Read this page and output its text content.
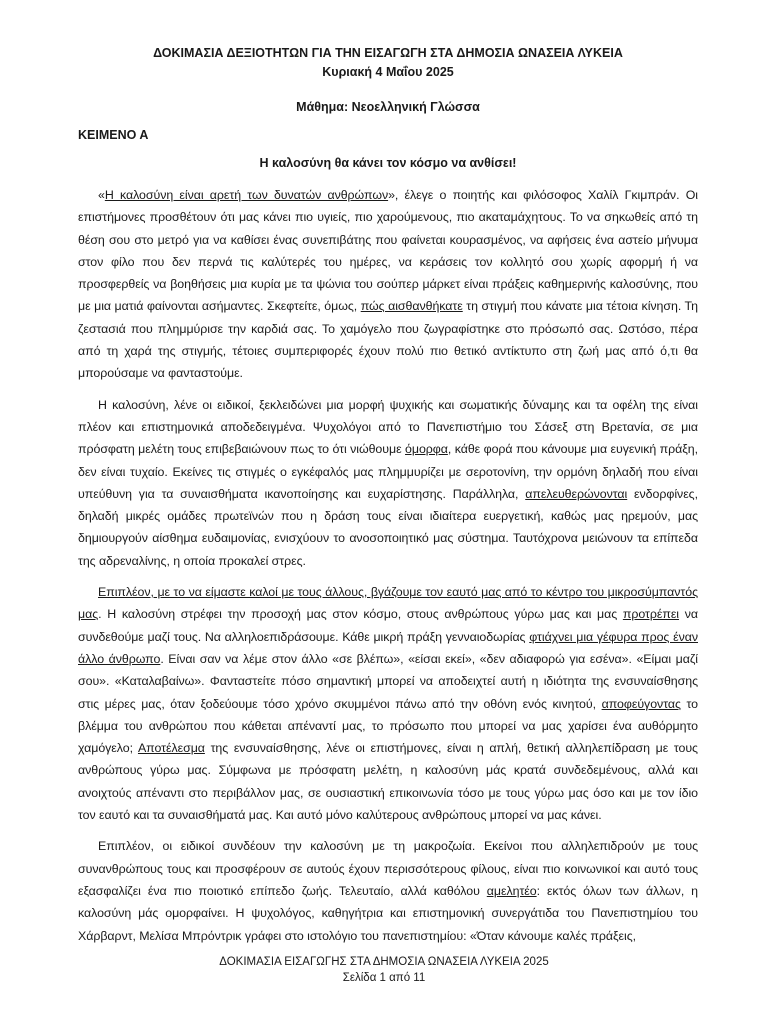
ΔΟΚΙΜΑΣΙΑ ΔΕΞΙΟΤΗΤΩΝ ΓΙΑ ΤΗΝ ΕΙΣΑΓΩΓΗ ΣΤΑ ΔΗΜΟΣΙΑ ΩΝΑΣΕΙΑ ΛΥΚΕΙΑ
Κυριακή 4 Μαΐου 2025
Μάθημα: Νεοελληνική Γλώσσα
ΚΕΙΜΕΝΟ Α
Η καλοσύνη θα κάνει τον κόσμο να ανθίσει!

«Η καλοσύνη είναι αρετή των δυνατών ανθρώπων», έλεγε ο ποιητής και φιλόσοφος Χαλίλ Γκιμπράν. Οι επιστήμονες προσθέτουν ότι μας κάνει πιο υγιείς, πιο χαρούμενους, πιο ακαταμάχητους. Το να σηκωθείς από τη θέση σου στο μετρό για να καθίσει ένας συνεπιβάτης που φαίνεται κουρασμένος, να αφήσεις ένα αστείο μήνυμα στον φίλο που δεν περνά τις καλύτερές του ημέρες, να κεράσεις τον κολλητό σου χωρίς αφορμή ή να προσφερθείς να βοηθήσεις μια κυρία με τα ψώνια του σούπερ μάρκετ είναι πράξεις καθημερινής καλοσύνης, που με μια ματιά φαίνονται ασήμαντες. Σκεφτείτε, όμως, πώς αισθανθήκατε τη στιγμή που κάνατε μια τέτοια κίνηση. Τη ζεστασιά που πλημμύρισε την καρδιά σας. Το χαμόγελο που ζωγραφίστηκε στο πρόσωπό σας. Ωστόσο, πέρα από τη χαρά της στιγμής, τέτοιες συμπεριφορές έχουν πολύ πιο θετικό αντίκτυπο στη ζωή μας από ό,τι θα μπορούσαμε να φανταστούμε.

Η καλοσύνη, λένε οι ειδικοί, ξεκλειδώνει μια μορφή ψυχικής και σωματικής δύναμης και τα οφέλη της είναι πλέον και επιστημονικά αποδεδειγμένα. Ψυχολόγοι από το Πανεπιστήμιο του Σάσεξ στη Βρετανία, σε μια πρόσφατη μελέτη τους επιβεβαιώνουν πως το ότι νιώθουμε όμορφα, κάθε φορά που κάνουμε μια ευγενική πράξη, δεν είναι τυχαίο. Εκείνες τις στιγμές ο εγκέφαλός μας πλημμυρίζει με σεροτονίνη, την ορμόνη δηλαδή που είναι υπεύθυνη για τα συναισθήματα ικανοποίησης και ευχαρίστησης. Παράλληλα, απελευθερώνονται ενδορφίνες, δηλαδή μικρές ομάδες πρωτεϊνών που η δράση τους είναι ιδιαίτερα ευεργετική, καθώς μας ηρεμούν, μας δημιουργούν αίσθημα ευδαιμονίας, ενισχύουν το ανοσοποιητικό μας σύστημα. Ταυτόχρονα μειώνουν τα επίπεδα της αδρεναλίνης, η οποία προκαλεί στρες.

Επιπλέον, με το να είμαστε καλοί με τους άλλους, βγάζουμε τον εαυτό μας από το κέντρο του μικροσύμπαντός μας. Η καλοσύνη στρέφει την προσοχή μας στον κόσμο, στους ανθρώπους γύρω μας και μας προτρέπει να συνδεθούμε μαζί τους. Να αλληλοεπιδράσουμε. Κάθε μικρή πράξη γενναιοδωρίας φτιάχνει μια γέφυρα προς έναν άλλο άνθρωπο. Είναι σαν να λέμε στον άλλο «σε βλέπω», «είσαι εκεί», «δεν αδιαφορώ για εσένα». «Είμαι μαζί σου». «Καταλαβαίνω». Φανταστείτε πόσο σημαντική μπορεί να αποδειχτεί αυτή η ιδιότητα της ενσυναίσθησης στις μέρες μας, όταν ξοδεύουμε τόσο χρόνο σκυμμένοι πάνω από την οθόνη ενός κινητού, αποφεύγοντας το βλέμμα του ανθρώπου που κάθεται απέναντί μας, το πρόσωπο που μπορεί να μας χαρίσει ένα αυθόρμητο χαμόγελο; Αποτέλεσμα της ενσυναίσθησης, λένε οι επιστήμονες, είναι η απλή, θετική αλληλεπίδραση με τους ανθρώπους γύρω μας. Σύμφωνα με πρόσφατη μελέτη, η καλοσύνη μάς κρατά συνδεδεμένους, αλλά και ανοιχτούς απέναντι στο περιβάλλον μας, σε ουσιαστική επικοινωνία τόσο με τους γύρω μας όσο και με τον ίδιο τον εαυτό και τα συναισθήματά μας. Και αυτό μόνο καλύτερους ανθρώπους μπορεί να μας κάνει.

Επιπλέον, οι ειδικοί συνδέουν την καλοσύνη με τη μακροζωία. Εκείνοι που αλληλεπιδρούν με τους συνανθρώπους τους και προσφέρουν σε αυτούς έχουν περισσότερους φίλους, είναι πιο κοινωνικοί και αυτό τους εξασφαλίζει ένα πιο ποιοτικό επίπεδο ζωής. Τελευταίο, αλλά καθόλου αμελητέο: εκτός όλων των άλλων, η καλοσύνη μάς ομορφαίνει. Η ψυχολόγος, καθηγήτρια και επιστημονική συνεργάτιδα του Πανεπιστημίου του Χάρβαρντ, Μελίσα Μπρόντρικ γράφει στο ιστολόγιο του πανεπιστημίου: «Όταν κάνουμε καλές πράξεις,

ΔΟΚΙΜΑΣΙΑ ΕΙΣΑΓΩΓΗΣ ΣΤΑ ΔΗΜΟΣΙΑ ΩΝΑΣΕΙΑ ΛΥΚΕΙΑ 2025
Σελίδα 1 από 11
